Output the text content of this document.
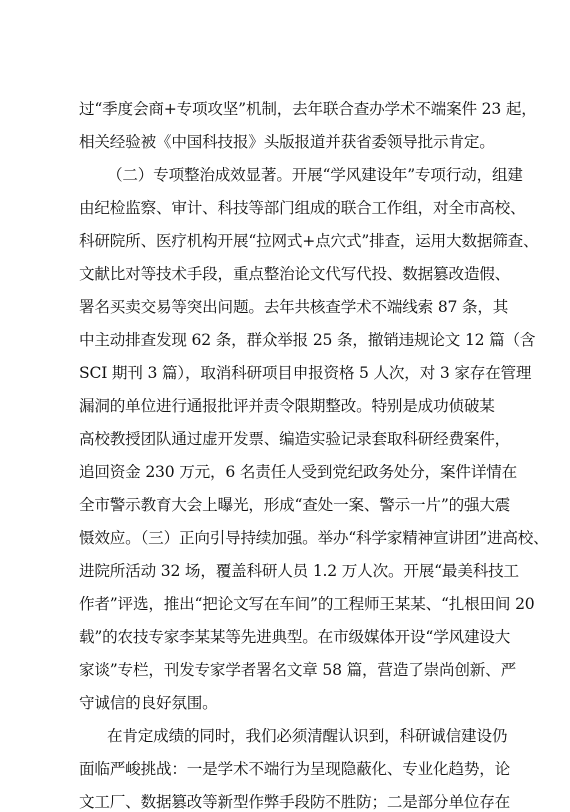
过“季度会商+专项攻坚”机制，去年联合查办学术不端案件 23 起，
相关经验被《中国科技报》头版报道并获省委领导批示肯定。
（二）专项整治成效显著。开展“学风建设年”专项行动，组建
由纪检监察、审计、科技等部门组成的联合工作组，对全市高校、
科研院所、医疗机构开展“拉网式+点穴式”排查，运用大数据筛查、
文献比对等技术手段，重点整治论文代写代投、数据篡改造假、
署名买卖交易等突出问题。去年共核查学术不端线索 87 条，其
中主动排查发现 62 条，群众举报 25 条，撤销违规论文 12 篇（含
SCI 期刊 3 篇），取消科研项目申报资格 5 人次，对 3 家存在管理
漏洞的单位进行通报批评并责令限期整改。特别是成功侦破某
高校教授团队通过虚开发票、编造实验记录套取科研经费案件，
追回资金 230 万元，6 名责任人受到党纪政务处分，案件详情在
全市警示教育大会上曝光，形成“查处一案、警示一片”的强大震
慑效应。（三）正向引导持续加强。举办“科学家精神宣讲团”进高校、
进院所活动 32 场，覆盖科研人员 1.2 万人次。开展“最美科技工
作者”评选，推出“把论文写在车间”的工程师王某某、“扎根田间 20
载”的农技专家李某某等先进典型。在市级媒体开设“学风建设大
家谈”专栏，刊发专家学者署名文章 58 篇，营造了崇尚创新、严
守诚信的良好氛围。
在肯定成绩的同时，我们必须清醒认识到，科研诚信建设仍
面临严峻挑战：一是学术不端行为呈现隐蔽化、专业化趋势，论
文工厂、数据篡改等新型作弊手段防不胜防；二是部分单位存在
